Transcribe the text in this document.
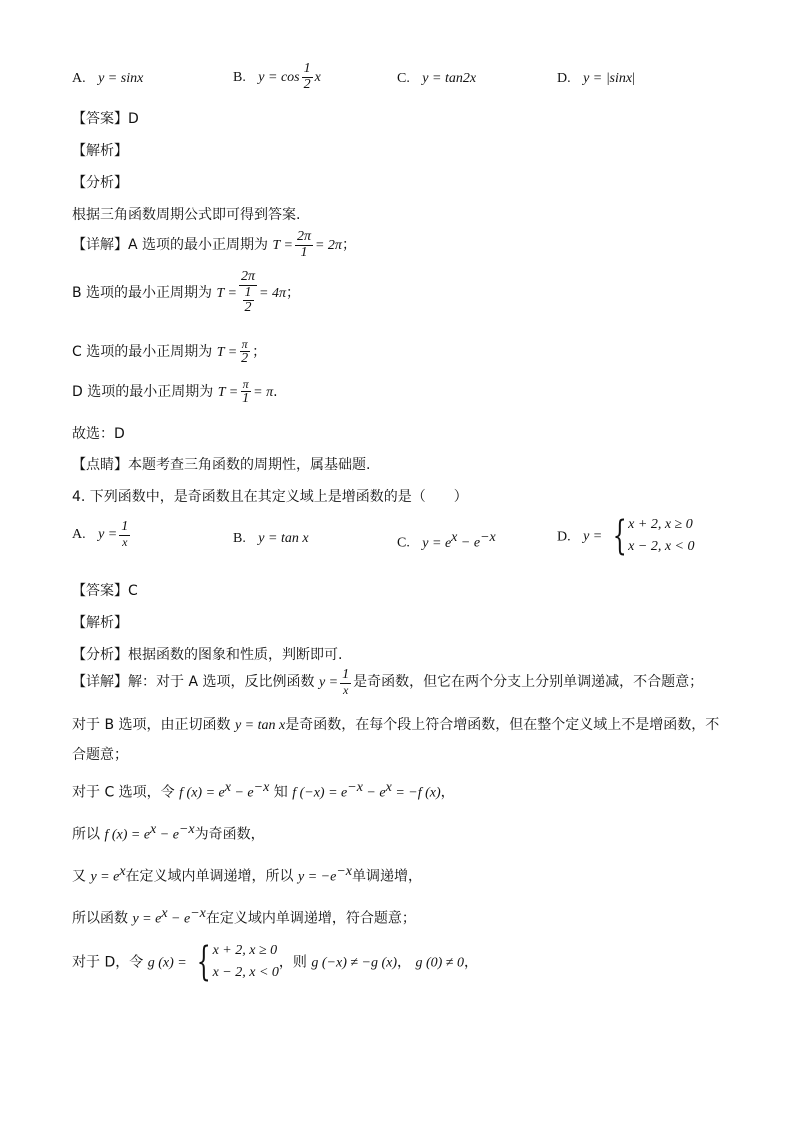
A. y = sinx	B. $y = \cos \frac{1}{2}$ x	C. y = tan2x	D. y = |sinx|
【答案】D
【解析】
【分析】
根据三角函数周期公式即可得到答案.
【详解】A 选项的最小正周期为 $T = \frac{2\pi}{1} = 2\pi$；
B 选项的最小正周期为 $T = \frac{2\pi}{\frac{1}{2}} = 4\pi$；
C 选项的最小正周期为 $T = \frac{\pi}{2}$ ；
D 选项的最小正周期为 $T = \frac{\pi}{1} = \pi$.
故选：D
【点睛】本题考查三角函数的周期性，属基础题.
4. 下列函数中，是奇函数且在其定义域上是增函数的是（　　）
A. $y = \frac{1}{x}$	B. y = tan x	C. $y = e^x - e^{-x}$	D. y = { x + 2, x ≥ 0
x − 2, x < 0
【答案】C
【解析】
【分析】根据函数的图象和性质，判断即可.
【详解】解：对于 A 选项，反比例函数 $y = \frac{1}{x}$ 是奇函数，但它在两个分支上分别单调递减，不合题意；
对于 B 选项，由正切函数 y = tan x是奇函数，在每个段上符合增函数，但在整个定义域上不是增函数，不
合题意；
对于 C 选项，令 f $(x) = e^x - e^{-x}$ 知 f $(-x) = e^{-x} - e^x = -f$ (x)，
所以 f $(x) = e^x - e^{-x}$为奇函数，
又 $y = e^x$在定义域内单调递增，所以 $y = -e^{-x}$单调递增，
所以函数 $y = e^x - e^{-x}$在定义域内单调递增，符合题意；
对于 D，令 g (x) = { x + 2, x ≥ 0
x − 2, x < 0
，则 g (−x) ≠ −g (x)， g (0) ≠ 0，
